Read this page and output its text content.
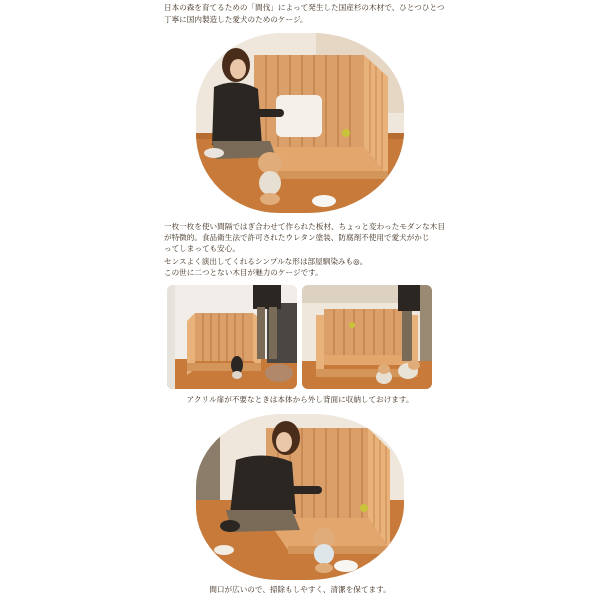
日本の森を育てるための「間伐」によって発生した国産杉の木材で、ひとつひとつ
丁寧に国内製造した愛犬のためのケージ。
一枚一枚を使い間隔ではぎ合わせて作られた板材、ちょっと変わったモダンな木目
が特徴的。食品衛生法で許可されたウレタン塗装、防腐剤不使用で愛犬がかじ
ってしまっても安心。
センスよく演出してくれるシンプルな形は部屋馴染みも◎。
この世に二つとない木目が魅力のケージです。
アクリル扉が不要なときは本体から外し背面に収納しておけます。
間口が広いので、掃除もしやすく、清潔を保てます。
